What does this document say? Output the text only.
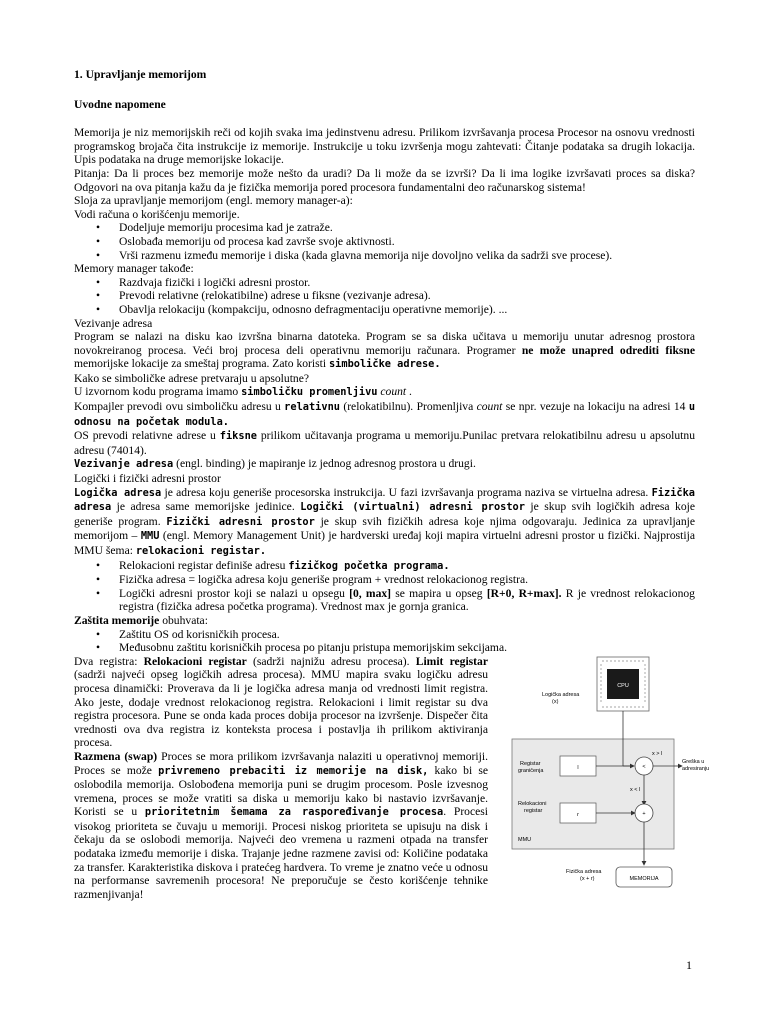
1. Upravljanje memorijom

Uvodne napomene

Memorija je niz memorijskih reči od kojih svaka ima jedinstvenu adresu. Prilikom izvršavanja procesa Procesor na osnovu vrednosti programskog brojača čita instrukcije iz memorije. Instrukcije u toku izvršenja mogu zahtevati: Čitanje podataka sa drugih lokacija. Upis podataka na druge memorijske lokacije.

Pitanja: Da li proces bez memorije može nešto da uradi? Da li može da se izvrši? Da li ima logike izvršavati proces sa diska? Odgovori na ova pitanja kažu da je fizička memorija pored procesora fundamentalni deo računarskog sistema!

Sloja za upravljanje memorijom (engl. memory manager-a):

Vodi računa o korišćenju memorije.

• Dodeljuje memoriju procesima kad je zatraže.
• Oslobađa memoriju od procesa kad završe svoje aktivnosti.
• Vrši razmenu između memorije i diska (kada glavna memorija nije dovoljno velika da sadrži sve procese).

Memory manager takođe:

• Razdvaja fizički i logički adresni prostor.
• Prevodi relativne (relokatibilne) adrese u fiksne (vezivanje adresa).
• Obavlja relokaciju (kompakciju, odnosno defragmentaciju operativne memorije). ...

Vezivanje adresa

Program se nalazi na disku kao izvršna binarna datoteka. Program se sa diska učitava u memoriju unutar adresnog prostora novokreiranog procesa. Veći broj procesa deli operativnu memoriju računara. Programer ne može unapred odrediti fiksne memorijske lokacije za smeštaj programa. Zato koristi simboličke adrese.

Kako se simboličke adrese pretvaraju u apsolutne?

U izvornom kodu programa imamo simboličku promenljivu count .

Kompajler prevodi ovu simboličku adresu u relativnu (relokatibilnu). Promenljiva count se npr. vezuje na lokaciju na adresi 14 u odnosu na početak modula.

OS prevodi relativne adrese u fiksne prilikom učitavanja programa u memoriju.Punilac pretvara relokatibilnu adresu u apsolutnu adresu (74014).

Vezivanje adresa (engl. binding) je mapiranje iz jednog adresnog prostora u drugi.

Logički i fizički adresni prostor

Logička adresa je adresa koju generiše procesorska instrukcija. U fazi izvršavanja programa naziva se virtuelna adresa. Fizička adresa je adresa same memorijske jedinice. Logički (virtualni) adresni prostor je skup svih logičkih adresa koje generiše program. Fizički adresni prostor je skup svih fizičkih adresa koje njima odgovaraju. Jedinica za upravljanje memorijom – MMU (engl. Memory Management Unit) je hardverski uređaj koji mapira virtuelni adresni prostor u fizički. Najprostija MMU šema: relokacioni registar.

• Relokacioni registar definiše adresu fizičkog početka programa.
• Fizička adresa = logička adresa koju generiše program + vrednost relokacionog registra.
• Logički adresni prostor koji se nalazi u opsegu [0, max] se mapira u opseg [R+0, R+max]. R je vrednost relokacionog registra (fizička adresa početka programa). Vrednost max je gornja granica.

Zaštita memorije obuhvata:

• Zaštitu OS od korisničkih procesa.
• Međusobnu zaštitu korisničkih procesa po pitanju pristupa memorijskim sekcijama.

Dva registra: Relokacioni registar (sadrži najnižu adresu procesa). Limit registar (sadrži najveći opseg logičkih adresa procesa). MMU mapira svaku logičku adresu procesa dinamički: Proverava da li je logička adresa manja od vrednosti limit registra. Ako jeste, dodaje vrednost relokacionog registra. Relokacioni i limit registar su dva registra procesora. Pune se onda kada proces dobija procesor na izvršenje. Dispečer čita vrednosti ova dva registra iz konteksta procesa i postavlja ih prilikom aktiviranja procesa.

Razmena (swap) Proces se mora prilikom izvršavanja nalaziti u operativnoj memoriji. Proces se može privremeno prebaciti iz memorije na disk, kako bi se oslobodila memorija. Oslobođena memorija puni se drugim procesom. Posle izvesnog vremena, proces se može vratiti sa diska u memoriju kako bi nastavio izvršavanje. Koristi se u prioritetnim šemama za raspoređivanje procesa. Procesi visokog prioriteta se čuvaju u memoriji. Procesi niskog prioriteta se upisuju na disk i čekaju da se oslobodi memorija. Najveći deo vremena u razmeni otpada na transfer podataka između memorije i diska. Trajanje jedne razmene zavisi od: Količine podataka za transfer. Karakteristika diskova i pratećeg hardvera. To vreme je znatno veće u odnosu na performanse savremenih procesora! Ne preporučuje se često korišćenje tehnike razmenjivanja!

CPU
Logička adresa
(x)
MMU
Registar
graničenja	l	<
x > l
Greška u
adresiranju
x < l
Relokacioni
registar
r	+
Fizička adresa
(x + r)	MEMORIJA
1
